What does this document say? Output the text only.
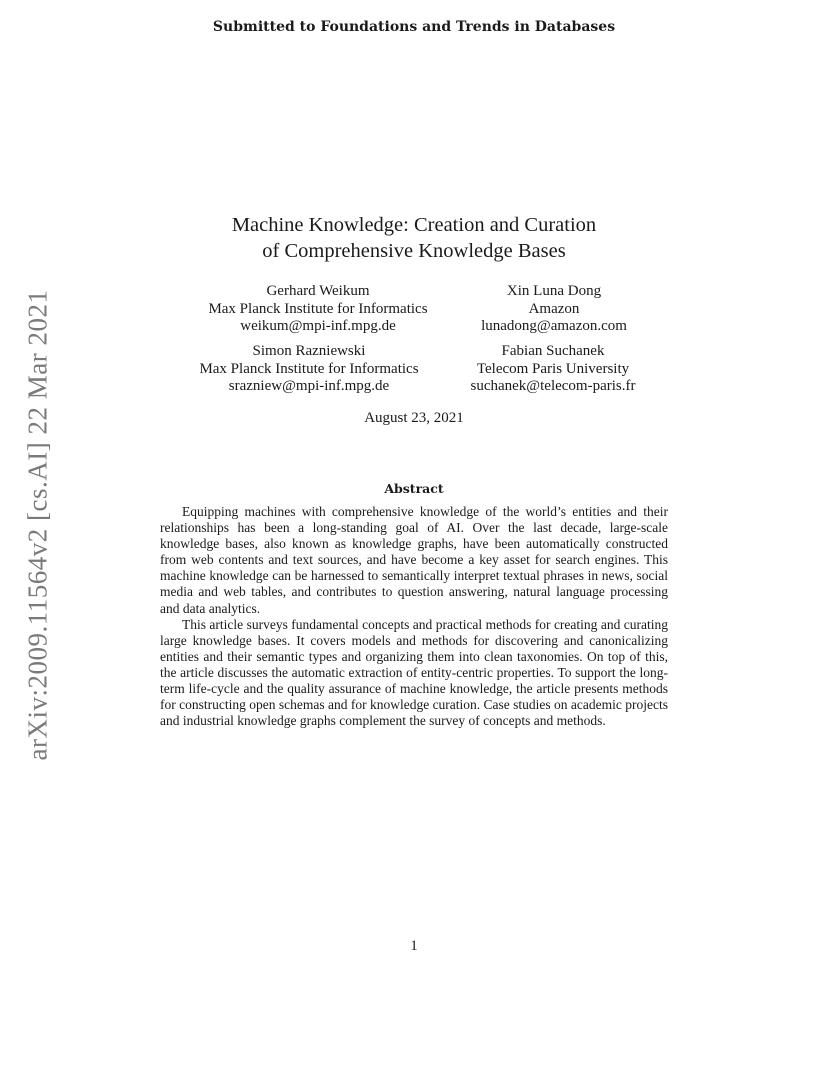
Submitted to Foundations and Trends in Databases
arXiv:2009.11564v2 [cs.AI] 22 Mar 2021
Machine Knowledge: Creation and Curation
of Comprehensive Knowledge Bases
Gerhard Weikum
Max Planck Institute for Informatics
weikum@mpi-inf.mpg.de
Xin Luna Dong
Amazon
lunadong@amazon.com
Simon Razniewski
Max Planck Institute for Informatics
srazniew@mpi-inf.mpg.de
Fabian Suchanek
Telecom Paris University
suchanek@telecom-paris.fr
August 23, 2021
Abstract

Equipping machines with comprehensive knowledge of the world’s entities and their relationships has been a long-standing goal of AI. Over the last decade, large-scale knowledge bases, also known as knowledge graphs, have been automatically constructed from web contents and text sources, and have become a key asset for search engines. This machine knowledge can be harnessed to semantically interpret textual phrases in news, social media and web tables, and contributes to question answering, natural language processing and data analytics.

This article surveys fundamental concepts and practical methods for creating and curating large knowledge bases. It covers models and methods for discovering and canonicalizing entities and their semantic types and organizing them into clean taxonomies. On top of this, the article discusses the automatic extraction of entity-centric properties. To support the long-term life-cycle and the quality assurance of machine knowledge, the article presents methods for constructing open schemas and for knowledge curation. Case studies on academic projects and industrial knowledge graphs complement the survey of concepts and methods.

1
